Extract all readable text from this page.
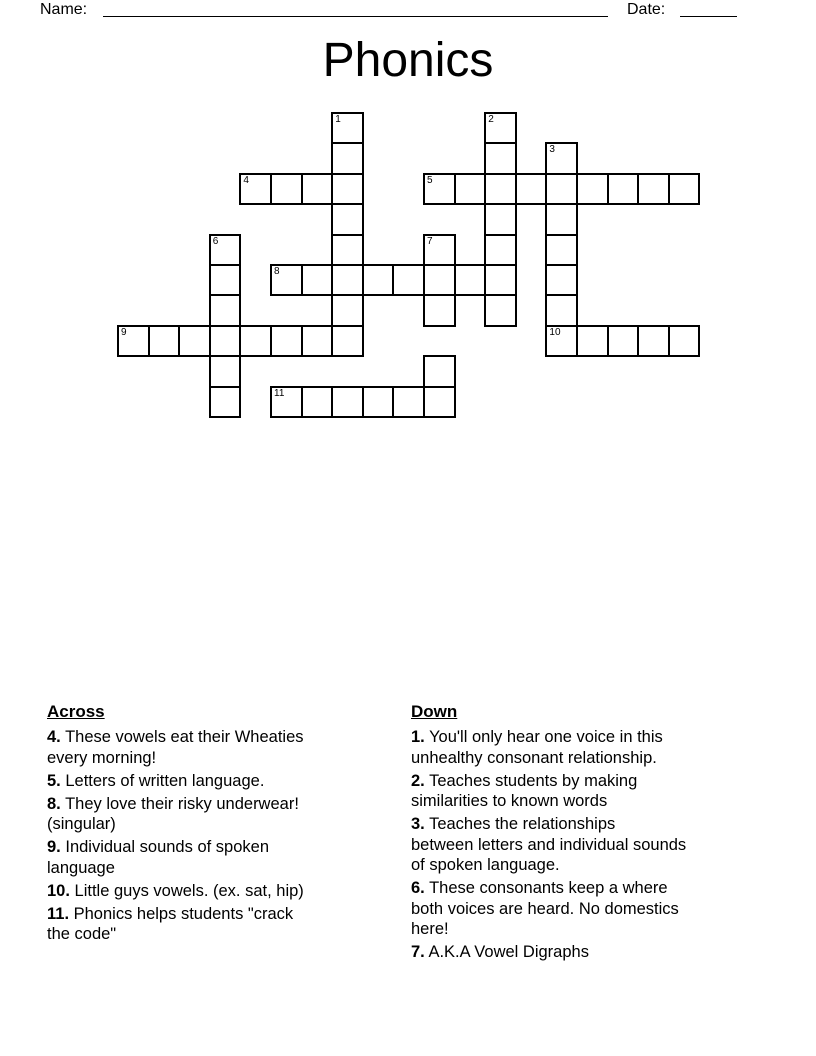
Name:	Date:
Phonics
1	2
3
4	5
6	7
8
9	10
11
Across
4. These vowels eat their Wheaties
every morning!
5. Letters of written language.
8. They love their risky underwear!
(singular)
9. Individual sounds of spoken
language
10. Little guys vowels. (ex. sat, hip)
11. Phonics helps students "crack
the code"
Down
1. You'll only hear one voice in this
unhealthy consonant relationship.
2. Teaches students by making
similarities to known words
3. Teaches the relationships
between letters and individual sounds
of spoken language.
6. These consonants keep a where
both voices are heard. No domestics
here!
7. A.K.A Vowel Digraphs
